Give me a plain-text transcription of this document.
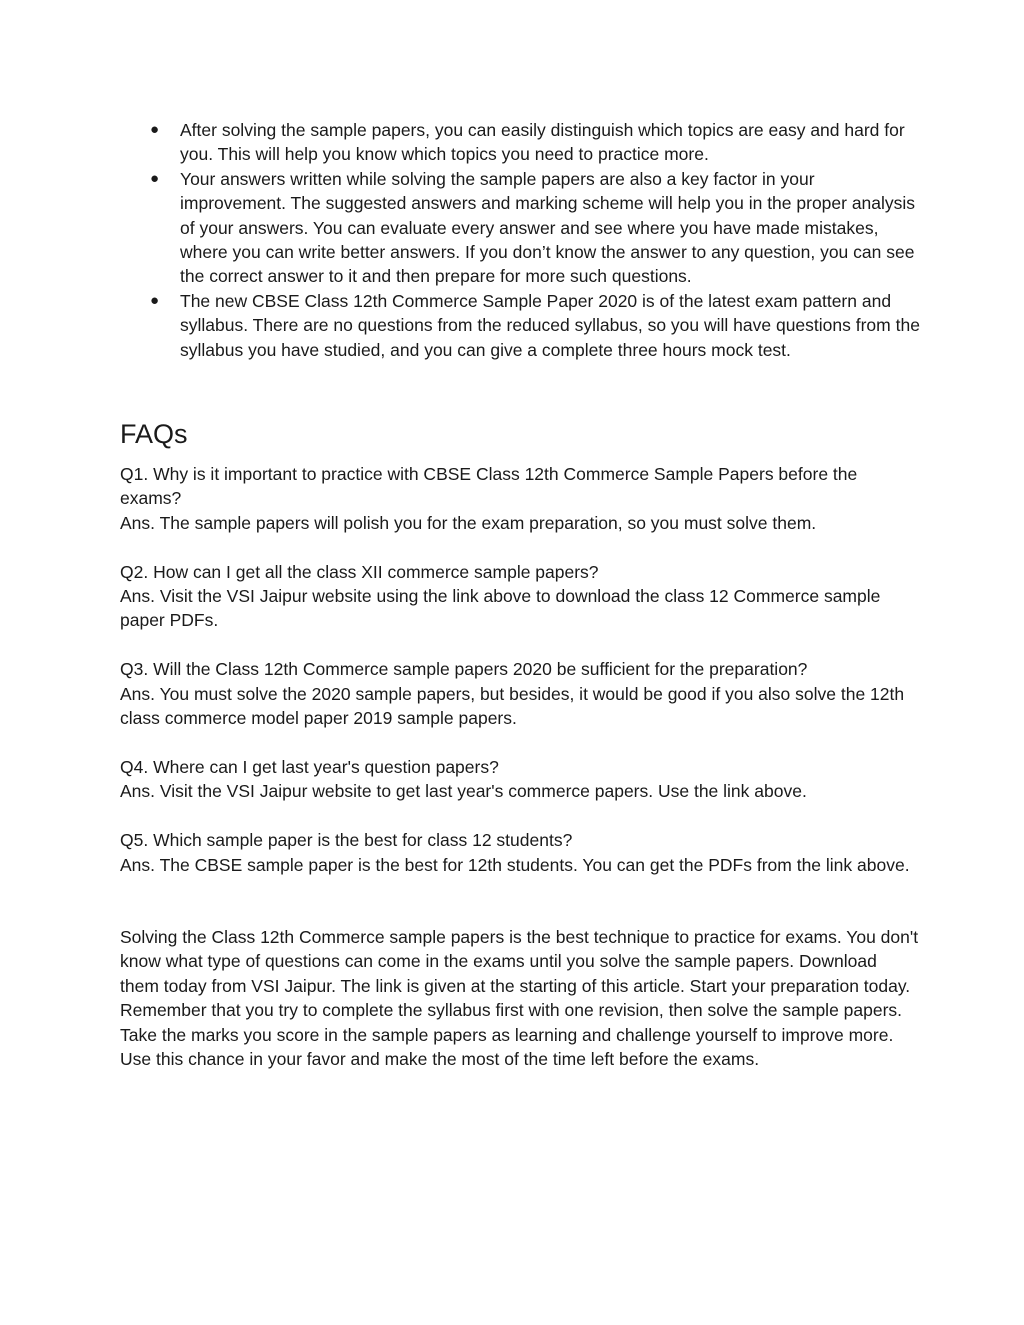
● After solving the sample papers, you can easily distinguish which topics are easy and hard for you. This will help you know which topics you need to practice more.
● Your answers written while solving the sample papers are also a key factor in your improvement. The suggested answers and marking scheme will help you in the proper analysis of your answers. You can evaluate every answer and see where you have made mistakes, where you can write better answers. If you don’t know the answer to any question, you can see the correct answer to it and then prepare for more such questions.
● The new CBSE Class 12th Commerce Sample Paper 2020 is of the latest exam pattern and syllabus. There are no questions from the reduced syllabus, so you will have questions from the syllabus you have studied, and you can give a complete three hours mock test.
FAQs

Q1. Why is it important to practice with CBSE Class 12th Commerce Sample Papers before the exams?

Ans. The sample papers will polish you for the exam preparation, so you must solve them.

Q2. How can I get all the class XII commerce sample papers?

Ans. Visit the VSI Jaipur website using the link above to download the class 12 Commerce sample paper PDFs.

Q3. Will the Class 12th Commerce sample papers 2020 be sufficient for the preparation?

Ans. You must solve the 2020 sample papers, but besides, it would be good if you also solve the 12th class commerce model paper 2019 sample papers.

Q4. Where can I get last year's question papers?

Ans. Visit the VSI Jaipur website to get last year's commerce papers. Use the link above.

Q5. Which sample paper is the best for class 12 students?

Ans. The CBSE sample paper is the best for 12th students. You can get the PDFs from the link above.

Solving the Class 12th Commerce sample papers is the best technique to practice for exams. You don't know what type of questions can come in the exams until you solve the sample papers. Download them today from VSI Jaipur. The link is given at the starting of this article. Start your preparation today. Remember that you try to complete the syllabus first with one revision, then solve the sample papers. Take the marks you score in the sample papers as learning and challenge yourself to improve more. Use this chance in your favor and make the most of the time left before the exams.
